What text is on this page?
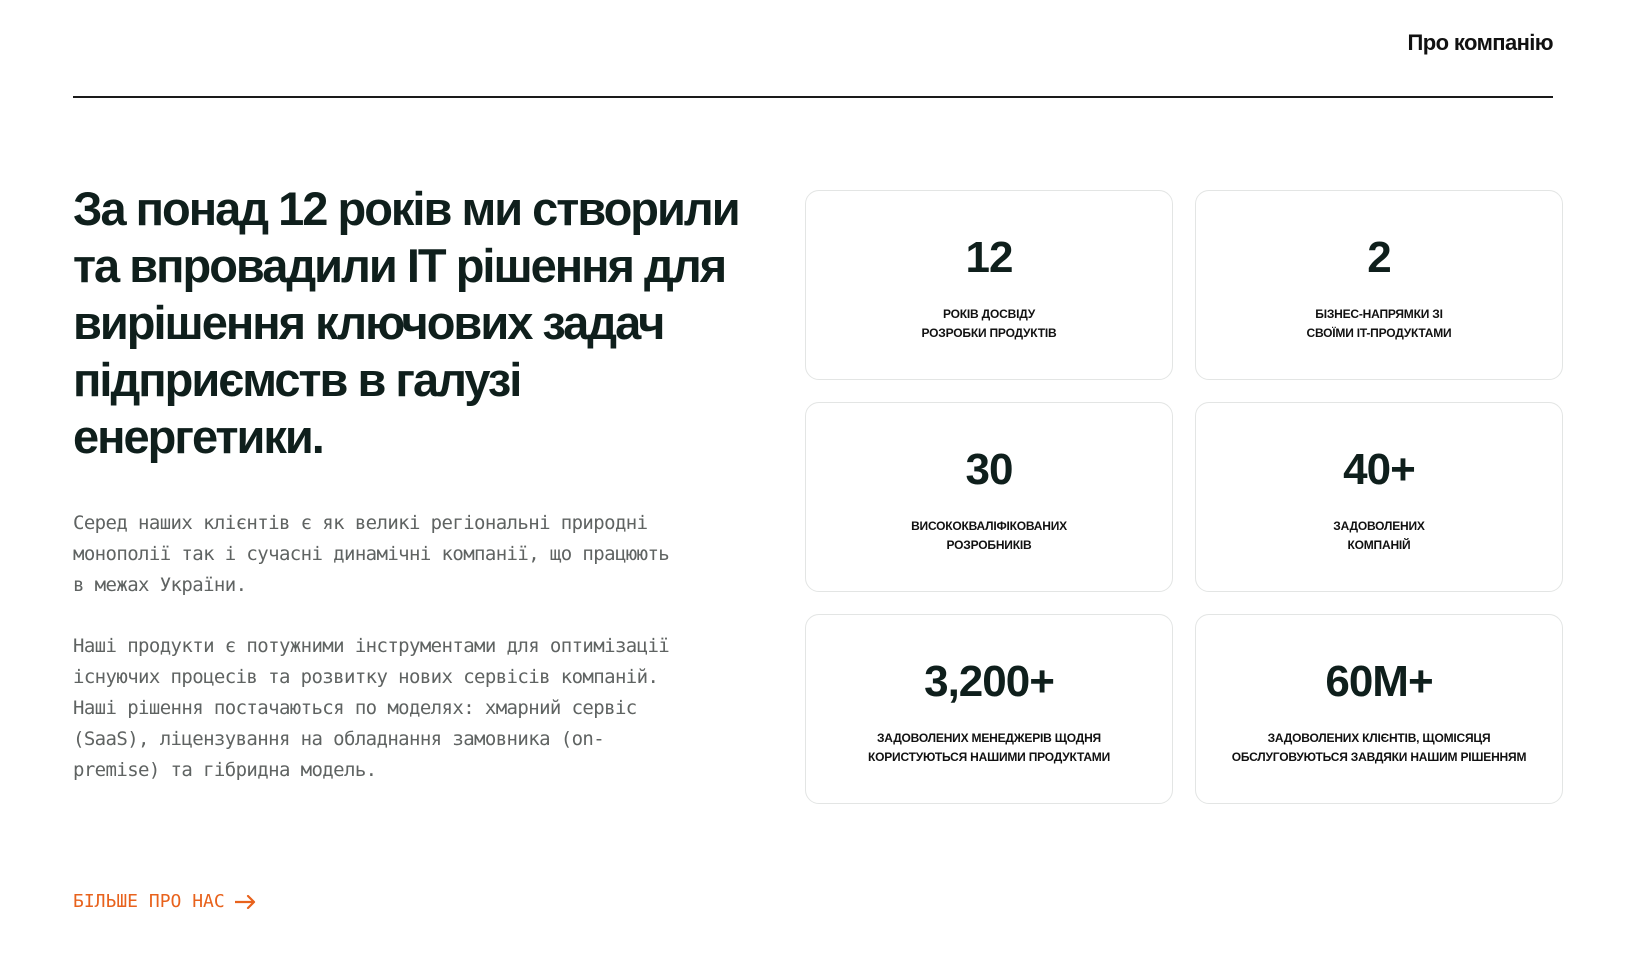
Про компанію
За понад 12 років ми створили та впровадили IT рішення для вирішення ключових задач підприємств в галузі енергетики.

Серед наших клієнтів є як великі регіональні природні монополії так і сучасні динамічні компанії, що працюють в межах України.

Наші продукти є потужними інструментами для оптимізації існуючих процесів та розвитку нових сервісів компаній. Наші рішення постачаються по моделях: хмарний сервіс (SaaS), ліцензування на обладнання замовника (on- premise) та гібридна модель.

БІЛЬШЕ ПРО НАС
12
РОКІВ ДОСВІДУ
РОЗРОБКИ ПРОДУКТІВ
2
БІЗНЕС-НАПРЯМКИ ЗІ
СВОЇМИ IT-ПРОДУКТАМИ
30
ВИСОКОКВАЛІФІКОВАНИХ
РОЗРОБНИКІВ
40+
ЗАДОВОЛЕНИХ
КОМПАНІЙ
3,200+
ЗАДОВОЛЕНИХ МЕНЕДЖЕРІВ ЩОДНЯ
КОРИСТУЮТЬСЯ НАШИМИ ПРОДУКТАМИ
60M+
ЗАДОВОЛЕНИХ КЛІЄНТІВ, ЩОМІСЯЦЯ
ОБСЛУГОВУЮТЬСЯ ЗАВДЯКИ НАШИМ РІШЕННЯМ
